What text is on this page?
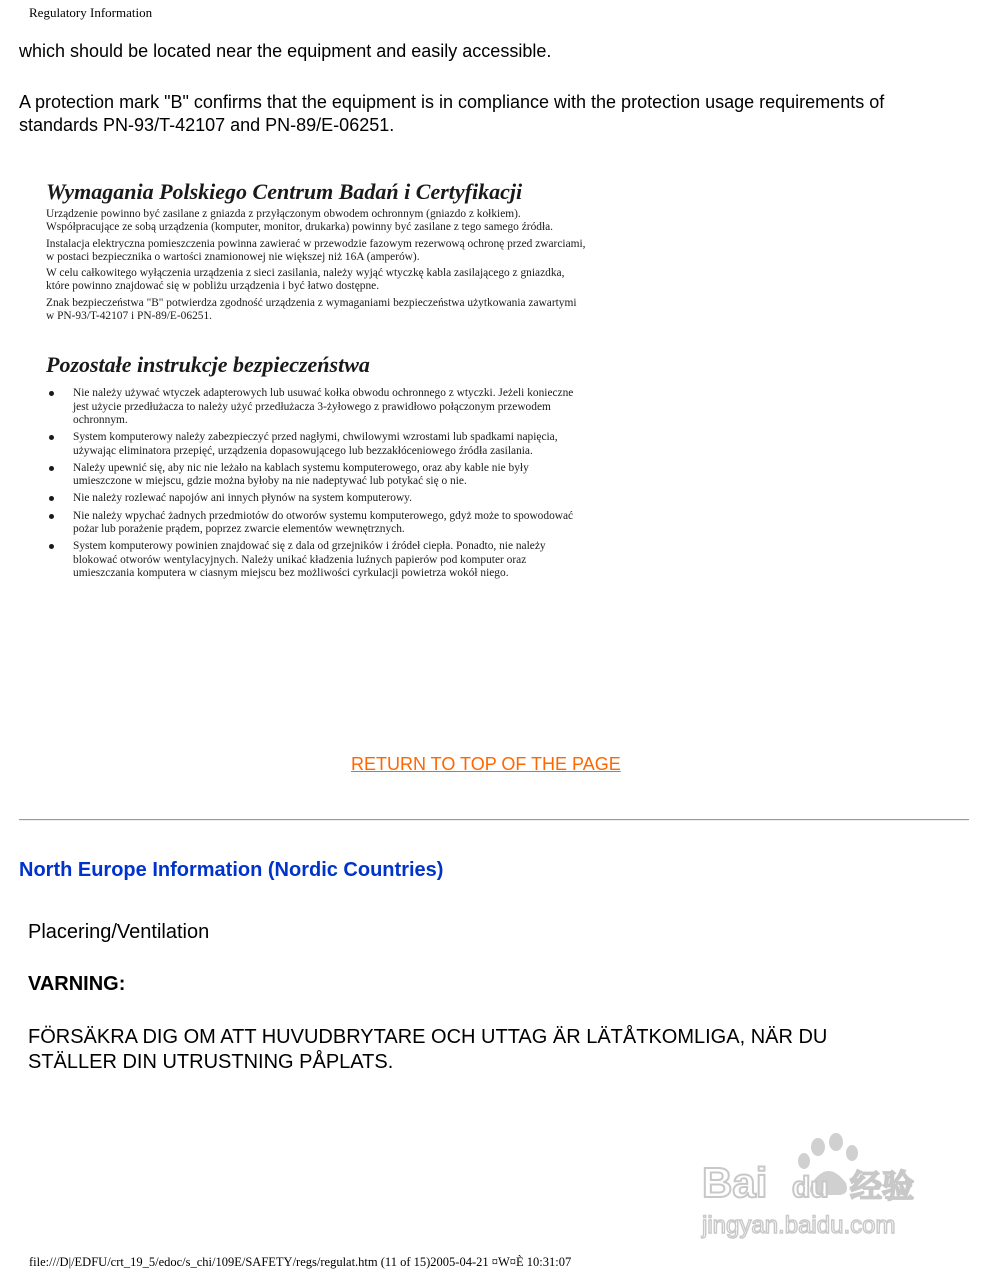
Regulatory Information
which should be located near the equipment and easily accessible.
A protection mark "B" confirms that the equipment is in compliance with the protection usage requirements of standards PN-93/T-42107 and PN-89/E-06251.
Wymagania Polskiego Centrum Badań i Certyfikacji

Urządzenie powinno być zasilane z gniazda z przyłączonym obwodem ochronnym (gniazdo z kołkiem). Współpracujące ze sobą urządzenia (komputer, monitor, drukarka) powinny być zasilane z tego samego źródła.

Instalacja elektryczna pomieszczenia powinna zawierać w przewodzie fazowym rezerwową ochronę przed zwarciami, w postaci bezpiecznika o wartości znamionowej nie większej niż 16A (amperów).

W celu całkowitego wyłączenia urządzenia z sieci zasilania, należy wyjąć wtyczkę kabla zasilającego z gniazdka, które powinno znajdować się w pobliżu urządzenia i być łatwo dostępne.

Znak bezpieczeństwa "B" potwierdza zgodność urządzenia z wymaganiami bezpieczeństwa użytkowania zawartymi w PN-93/T-42107 i PN-89/E-06251.

Pozostałe instrukcje bezpieczeństwa
Nie należy używać wtyczek adapterowych lub usuwać kołka obwodu ochronnego z wtyczki. Jeżeli konieczne jest użycie przedłużacza to należy użyć przedłużacza 3-żyłowego z prawidłowo połączonym przewodem ochronnym.
System komputerowy należy zabezpieczyć przed nagłymi, chwilowymi wzrostami lub spadkami napięcia, używając eliminatora przepięć, urządzenia dopasowującego lub bezzakłóceniowego źródła zasilania.
Należy upewnić się, aby nic nie leżało na kablach systemu komputerowego, oraz aby kable nie były umieszczone w miejscu, gdzie można byłoby na nie nadeptywać lub potykać się o nie.
Nie należy rozlewać napojów ani innych płynów na system komputerowy.
Nie należy wpychać żadnych przedmiotów do otworów systemu komputerowego, gdyż może to spowodować pożar lub porażenie prądem, poprzez zwarcie elementów wewnętrznych.
System komputerowy powinien znajdować się z dala od grzejników i źródeł ciepła. Ponadto, nie należy blokować otworów wentylacyjnych. Należy unikać kładzenia luźnych papierów pod komputer oraz umieszczania komputera w ciasnym miejscu bez możliwości cyrkulacji powietrza wokół niego.
RETURN TO TOP OF THE PAGE
North Europe Information (Nordic Countries)
Placering/Ventilation
VARNING:
FÖRSÄKRA DIG OM ATT HUVUDBRYTARE OCH UTTAG ÄR LÄTÅTKOMLIGA, NÄR DU STÄLLER DIN UTRUSTNING PÅPLATS.
Bai du 经验
jingyan.baidu.com
file:///D|/EDFU/crt_19_5/edoc/s_chi/109E/SAFETY/regs/regulat.htm (11 of 15)2005-04-21 ¤W¤È 10:31:07
